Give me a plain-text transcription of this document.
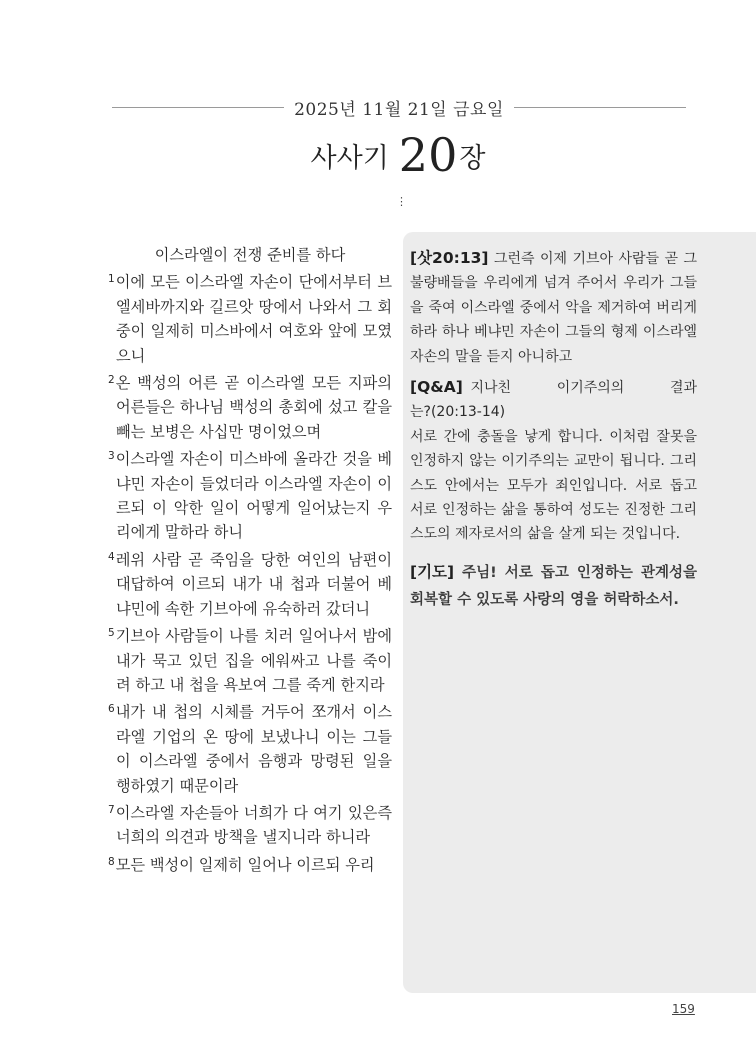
2025년 11월 21일 금요일
사사기 20장
⋮
이스라엘이 전쟁 준비를 하다
$^1$이에 모든 이스라엘 자손이 단에서부터 브엘세바까지와 길르앗 땅에서 나와서 그 회중이 일제히 미스바에서 여호와 앞에 모였으니
$^2$온 백성의 어른 곧 이스라엘 모든 지파의 어른들은 하나님 백성의 총회에 섰고 칼을 빼는 보병은 사십만 명이었으며
$^3$이스라엘 자손이 미스바에 올라간 것을 베냐민 자손이 들었더라 이스라엘 자손이 이르되 이 악한 일이 어떻게 일어났는지 우리에게 말하라 하니
$^4$레위 사람 곧 죽임을 당한 여인의 남편이 대답하여 이르되 내가 내 첩과 더불어 베냐민에 속한 기브아에 유숙하러 갔더니
$^5$기브아 사람들이 나를 치러 일어나서 밤에 내가 묵고 있던 집을 에워싸고 나를 죽이려 하고 내 첩을 욕보여 그를 죽게 한지라
$^6$내가 내 첩의 시체를 거두어 쪼개서 이스라엘 기업의 온 땅에 보냈나니 이는 그들이 이스라엘 중에서 음행과 망령된 일을 행하였기 때문이라
$^7$이스라엘 자손들아 너희가 다 여기 있은즉 너희의 의견과 방책을 낼지니라 하니라
$^8$모든 백성이 일제히 일어나 이르되 우리

[삿20:13] 그런즉 이제 기브아 사람들 곧 그 불량배들을 우리에게 넘겨 주어서 우리가 그들을 죽여 이스라엘 중에서 악을 제거하여 버리게 하라 하나 베냐민 자손이 그들의 형제 이스라엘 자손의 말을 듣지 아니하고

[Q&A] 지나친 이기주의의 결과는?(20:13-14)

서로 간에 충돌을 낳게 합니다. 이처럼 잘못을 인정하지 않는 이기주의는 교만이 됩니다. 그리스도 안에서는 모두가 죄인입니다. 서로 돕고 서로 인정하는 삶을 통하여 성도는 진정한 그리스도의 제자로서의 삶을 살게 되는 것입니다.

[기도] 주님! 서로 돕고 인정하는 관계성을 회복할 수 있도록 사랑의 영을 허락하소서.

159
